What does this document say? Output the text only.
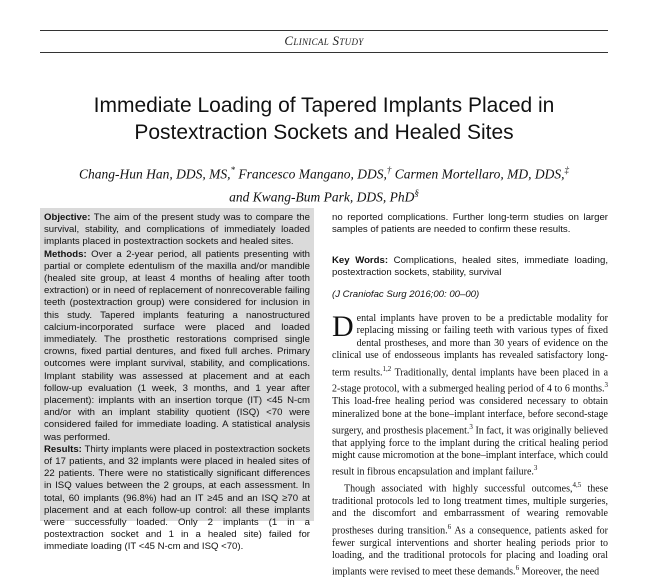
Clinical Study
Immediate Loading of Tapered Implants Placed in
Postextraction Sockets and Healed Sites
Chang-Hun Han, DDS, MS,* Francesco Mangano, DDS,† Carmen Mortellaro, MD, DDS,‡
and Kwang-Bum Park, DDS, PhD§

Objective: The aim of the present study was to compare the survival, stability, and complications of immediately loaded implants placed in postextraction sockets and healed sites.

Methods: Over a 2-year period, all patients presenting with partial or complete edentulism of the maxilla and/or mandible (healed site group, at least 4 months of healing after tooth extraction) or in need of replacement of nonrecoverable failing teeth (postextraction group) were considered for inclusion in this study. Tapered implants featuring a nanostructured calcium-incorporated surface were placed and loaded immediately. The prosthetic restorations comprised single crowns, fixed partial dentures, and fixed full arches. Primary outcomes were implant survival, stability, and complications. Implant stability was assessed at placement and at each follow-up evaluation (1 week, 3 months, and 1 year after placement): implants with an insertion torque (IT) <45 N-cm and/or with an implant stability quotient (ISQ) <70 were considered failed for immediate loading. A statistical analysis was performed.

Results: Thirty implants were placed in postextraction sockets of 17 patients, and 32 implants were placed in healed sites of 22 patients. There were no statistically significant differences in ISQ values between the 2 groups, at each assessment. In total, 60 implants (96.8%) had an IT ≥45 and an ISQ ≥70 at placement and at each follow-up control: all these implants were successfully loaded. Only 2 implants (1 in a postextraction socket and 1 in a healed site) failed for immediate loading (IT <45 N-cm and ISQ <70).

no reported complications. Further long-term studies on larger samples of patients are needed to confirm these results.

Key Words: Complications, healed sites, immediate loading, postextraction sockets, stability, survival

(J Craniofac Surg 2016;00: 00–00)

Dental implants have proven to be a predictable modality for replacing missing or failing teeth with various types of fixed dental prostheses, and more than 30 years of evidence on the clinical use of endosseous implants has revealed satisfactory long-term results.$^{1,2}$ Traditionally, dental implants have been placed in a 2-stage protocol, with a submerged healing period of 4 to 6 months.$^3$ This load-free healing period was considered necessary to obtain mineralized bone at the bone–implant interface, before second-stage surgery, and prosthesis placement.$^3$ In fact, it was originally believed that applying force to the implant during the critical healing period might cause micromotion at the bone–implant interface, which could result in fibrous encapsulation and implant failure.$^3$

Though associated with highly successful outcomes,$^{4,5}$ these traditional protocols led to long treatment times, multiple surgeries, and the discomfort and embarrassment of wearing removable prostheses during transition.$^6$ As a consequence, patients asked for fewer surgical interventions and shorter healing periods prior to loading, and the traditional protocols for placing and loading oral implants were revised to meet these demands.$^6$ Moreover, the need
